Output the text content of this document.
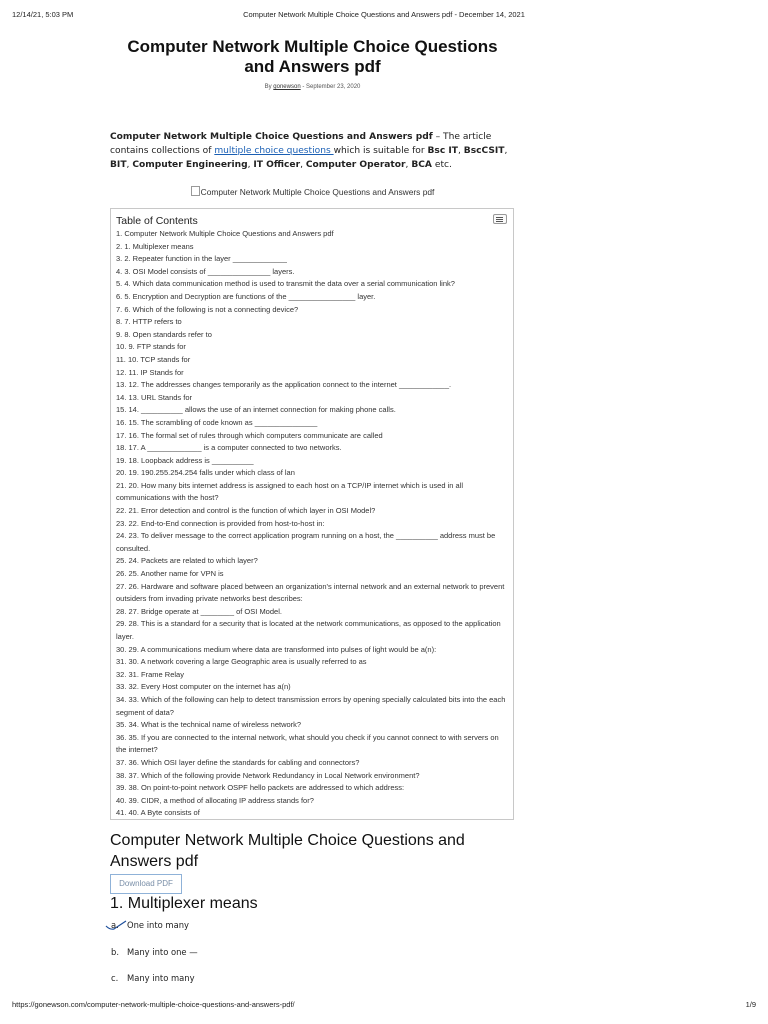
12/14/21, 5:03 PM	Computer Network Multiple Choice Questions and Answers pdf - December 14, 2021
Computer Network Multiple Choice Questions and Answers pdf
By gonewson - September 23, 2020
Computer Network Multiple Choice Questions and Answers pdf – The article contains collections of multiple choice questions which is suitable for Bsc IT, BscCSIT, BIT, Computer Engineering, IT Officer, Computer Operator, BCA etc.
Computer Network Multiple Choice Questions and Answers pdf
Table of Contents
1. Computer Network Multiple Choice Questions and Answers pdf
2. 1. Multiplexer means
3. 2. Repeater function in the layer _____________
4. 3. OSI Model consists of _______________ layers.
5. 4. Which data communication method is used to transmit the data over a serial communication link?
6. 5. Encryption and Decryption are functions of the ________________ layer.
7. 6. Which of the following is not a connecting device?
8. 7. HTTP refers to
9. 8. Open standards refer to
10. 9. FTP stands for
11. 10. TCP stands for
12. 11. IP Stands for
13. 12. The addresses changes temporarily as the application connect to the internet ____________.
14. 13. URL Stands for
15. 14. __________ allows the use of an internet connection for making phone calls.
16. 15. The scrambling of code known as _______________
17. 16. The formal set of rules through which computers communicate are called
18. 17. A _____________ is a computer connected to two networks.
19. 18. Loopback address is __________
20. 19. 190.255.254.254 falls under which class of lan
21. 20. How many bits internet address is assigned to each host on a TCP/IP internet which is used in all communications with the host?
22. 21. Error detection and control is the function of which layer in OSI Model?
23. 22. End-to-End connection is provided from host-to-host in:
24. 23. To deliver message to the correct application program running on a host, the __________ address must be consulted.
25. 24. Packets are related to which layer?
26. 25. Another name for VPN is
27. 26. Hardware and software placed between an organization's internal network and an external network to prevent outsiders from invading private networks best describes:
28. 27. Bridge operate at ________ of OSI Model.
29. 28. This is a standard for a security that is located at the network communications, as opposed to the application layer.
30. 29. A communications medium where data are transformed into pulses of light would be a(n):
31. 30. A network covering a large Geographic area is usually referred to as
32. 31. Frame Relay
33. 32. Every Host computer on the internet has a(n)
34. 33. Which of the following can help to detect transmission errors by opening specially calculated bits into the each segment of data?
35. 34. What is the technical name of wireless network?
36. 35. If you are connected to the internal network, what should you check if you cannot connect to with servers on the internet?
37. 36. Which OSI layer define the standards for cabling and connectors?
38. 37. Which of the following provide Network Redundancy in Local Network environment?
39. 38. On point-to-point network OSPF hello packets are addressed to which address:
40. 39. CIDR, a method of allocating IP address stands for?
41. 40. A Byte consists of
Computer Network Multiple Choice Questions and Answers pdf
Download PDF
1. Multiplexer means
a. One into many
b. Many into one —
c. Many into many
https://gonewson.com/computer-network-multiple-choice-questions-and-answers-pdf/	1/9
